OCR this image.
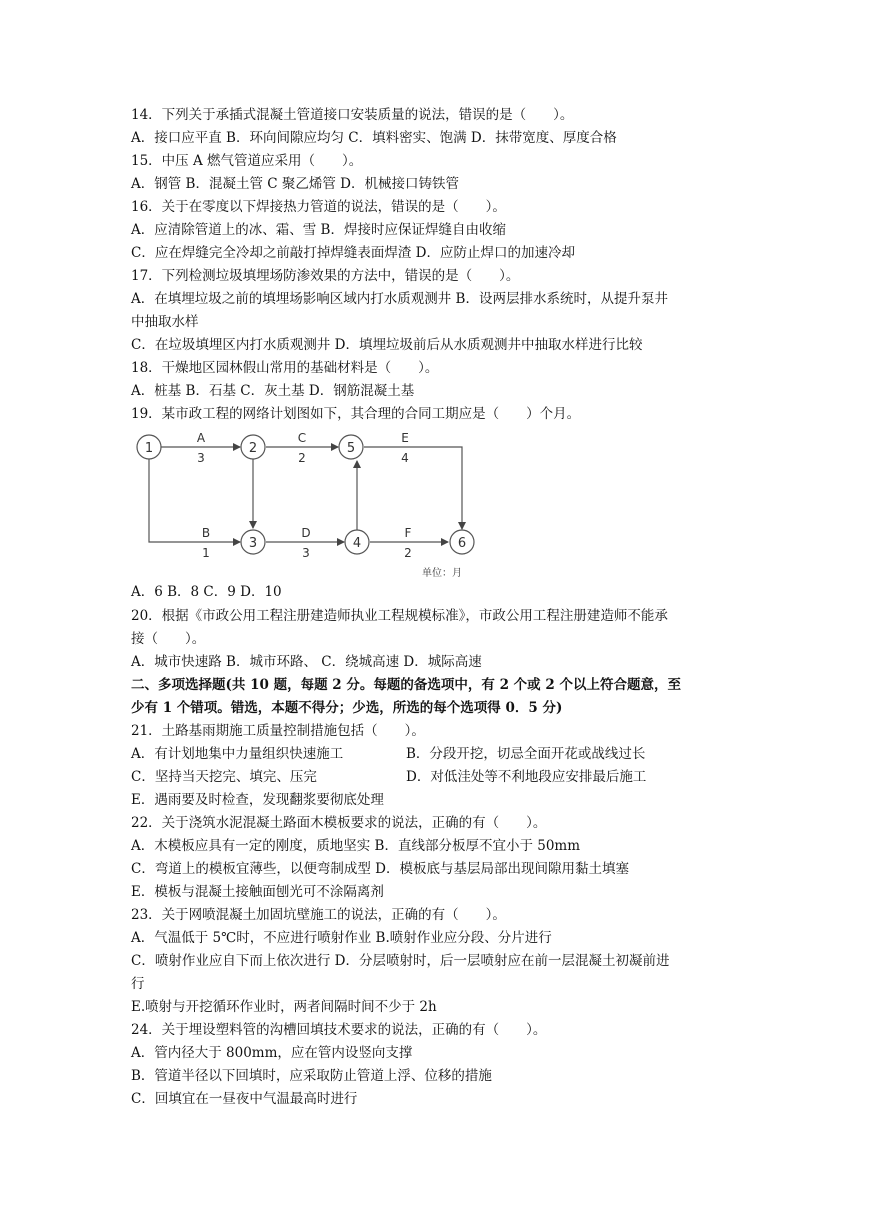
14．下列关于承插式混凝土管道接口安装质量的说法，错误的是（　　）。
A．接口应平直 B．环向间隙应均匀 C．填料密实、饱满 D．抹带宽度、厚度合格
15．中压 A 燃气管道应采用（　　）。
A．钢管 B．混凝土管 C 聚乙烯管 D．机械接口铸铁管
16．关于在零度以下焊接热力管道的说法，错误的是（　　）。
A．应清除管道上的冰、霜、雪 B．焊接时应保证焊缝自由收缩
C．应在焊缝完全冷却之前敲打掉焊缝表面焊渣 D．应防止焊口的加速冷却
17．下列检测垃圾填埋场防渗效果的方法中，错误的是（　　）。
A．在填埋垃圾之前的填埋场影响区域内打水质观测井 B．设两层排水系统时，从提升泵井
中抽取水样
C．在垃圾填埋区内打水质观测井 D．填埋垃圾前后从水质观测井中抽取水样进行比较
18．干燥地区园林假山常用的基础材料是（　　）。
A．桩基 B．石基 C．灰土基 D．钢筋混凝土基
19．某市政工程的网络计划图如下，其合理的合同工期应是（　　）个月。
1	2
3	4
5
6
A
3
B
1
C
2
D
3
E
4
F
2
单位：月
A．6 B．8 C．9 D．10
20．根据《市政公用工程注册建造师执业工程规模标准》，市政公用工程注册建造师不能承
接（　　）。
A．城市快速路 B．城市环路、 C．绕城高速 D．城际高速
二、多项选择题(共 10 题，每题 2 分。每题的备选项中，有 2 个或 2 个以上符合题意，至
少有 1 个错项。错选，本题不得分；少选，所选的每个选项得 0．5 分)
21．土路基雨期施工质量控制措施包括（　　）。
A．有计划地集中力量组织快速施工	B．分段开挖，切忌全面开花或战线过长
C．坚持当天挖完、填完、压完	D．对低洼处等不利地段应安排最后施工
E．遇雨要及时检查，发现翻浆要彻底处理
22．关于浇筑水泥混凝土路面木模板要求的说法，正确的有（　　）。
A．木模板应具有一定的刚度，质地坚实 B．直线部分板厚不宜小于 50mm
C．弯道上的模板宜薄些，以便弯制成型 D．模板底与基层局部出现间隙用黏土填塞
E．模板与混凝土接触面刨光可不涂隔离剂
23．关于网喷混凝土加固坑壁施工的说法，正确的有（　　）。
A．气温低于 5℃时，不应进行喷射作业 B.喷射作业应分段、分片进行
C．喷射作业应自下而上依次进行 D．分层喷射时，后一层喷射应在前一层混凝土初凝前进
行
E.喷射与开挖循环作业时，两者间隔时间不少于 2h
24．关于埋设塑料管的沟槽回填技术要求的说法，正确的有（　　）。
A．管内径大于 800mm，应在管内设竖向支撑
B．管道半径以下回填时，应采取防止管道上浮、位移的措施
C．回填宜在一昼夜中气温最高时进行
